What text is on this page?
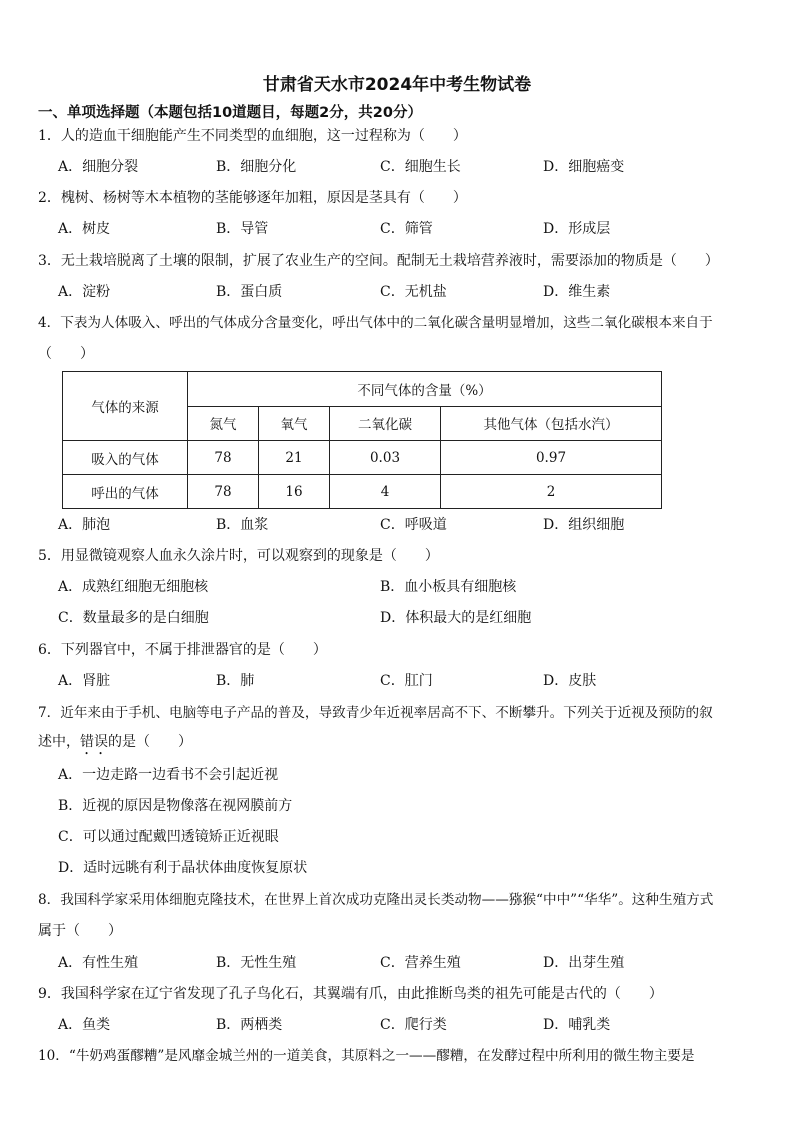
甘肃省天水市2024年中考生物试卷
一、单项选择题（本题包括10道题目，每题2分，共20分）
1．人的造血干细胞能产生不同类型的血细胞，这一过程称为（　　）
A．细胞分裂	B．细胞分化	C．细胞生长	D．细胞癌变
2．槐树、杨树等木本植物的茎能够逐年加粗，原因是茎具有（　　）
A．树皮	B．导管	C．筛管	D．形成层
3．无土栽培脱离了土壤的限制，扩展了农业生产的空间。配制无土栽培营养液时，需要添加的物质是（　　）
A．淀粉	B．蛋白质	C．无机盐	D．维生素
4．下表为人体吸入、呼出的气体成分含量变化，呼出气体中的二氧化碳含量明显增加，这些二氧化碳根本来自于
（　　）
气体的来源	不同气体的含量（%）			
	氮气	氧气	二氧化碳	其他气体（包括水汽）
吸入的气体	78	21	0.03	0.97
呼出的气体	78	16	4	2
A．肺泡	B．血浆	C．呼吸道	D．组织细胞
5．用显微镜观察人血永久涂片时，可以观察到的现象是（　　）
A．成熟红细胞无细胞核	B．血小板具有细胞核
C．数量最多的是白细胞	D．体积最大的是红细胞
6．下列器官中，不属于排泄器官的是（　　）
A．肾脏	B．肺	C．肛门	D．皮肤
7．近年来由于手机、电脑等电子产品的普及，导致青少年近视率居高不下、不断攀升。下列关于近视及预防的叙
述中，错误的是（　　）
A．一边走路一边看书不会引起近视
B．近视的原因是物像落在视网膜前方
C．可以通过配戴凹透镜矫正近视眼
D．适时远眺有利于晶状体曲度恢复原状
8．我国科学家采用体细胞克隆技术，在世界上首次成功克隆出灵长类动物——猕猴“中中”“华华”。这种生殖方式
属于（　　）
A．有性生殖	B．无性生殖	C．营养生殖	D．出芽生殖
9．我国科学家在辽宁省发现了孔子鸟化石，其翼端有爪，由此推断鸟类的祖先可能是古代的（　　）
A．鱼类	B．两栖类	C．爬行类	D．哺乳类
10．“牛奶鸡蛋醪糟”是风靡金城兰州的一道美食，其原料之一——醪糟，在发酵过程中所利用的微生物主要是
